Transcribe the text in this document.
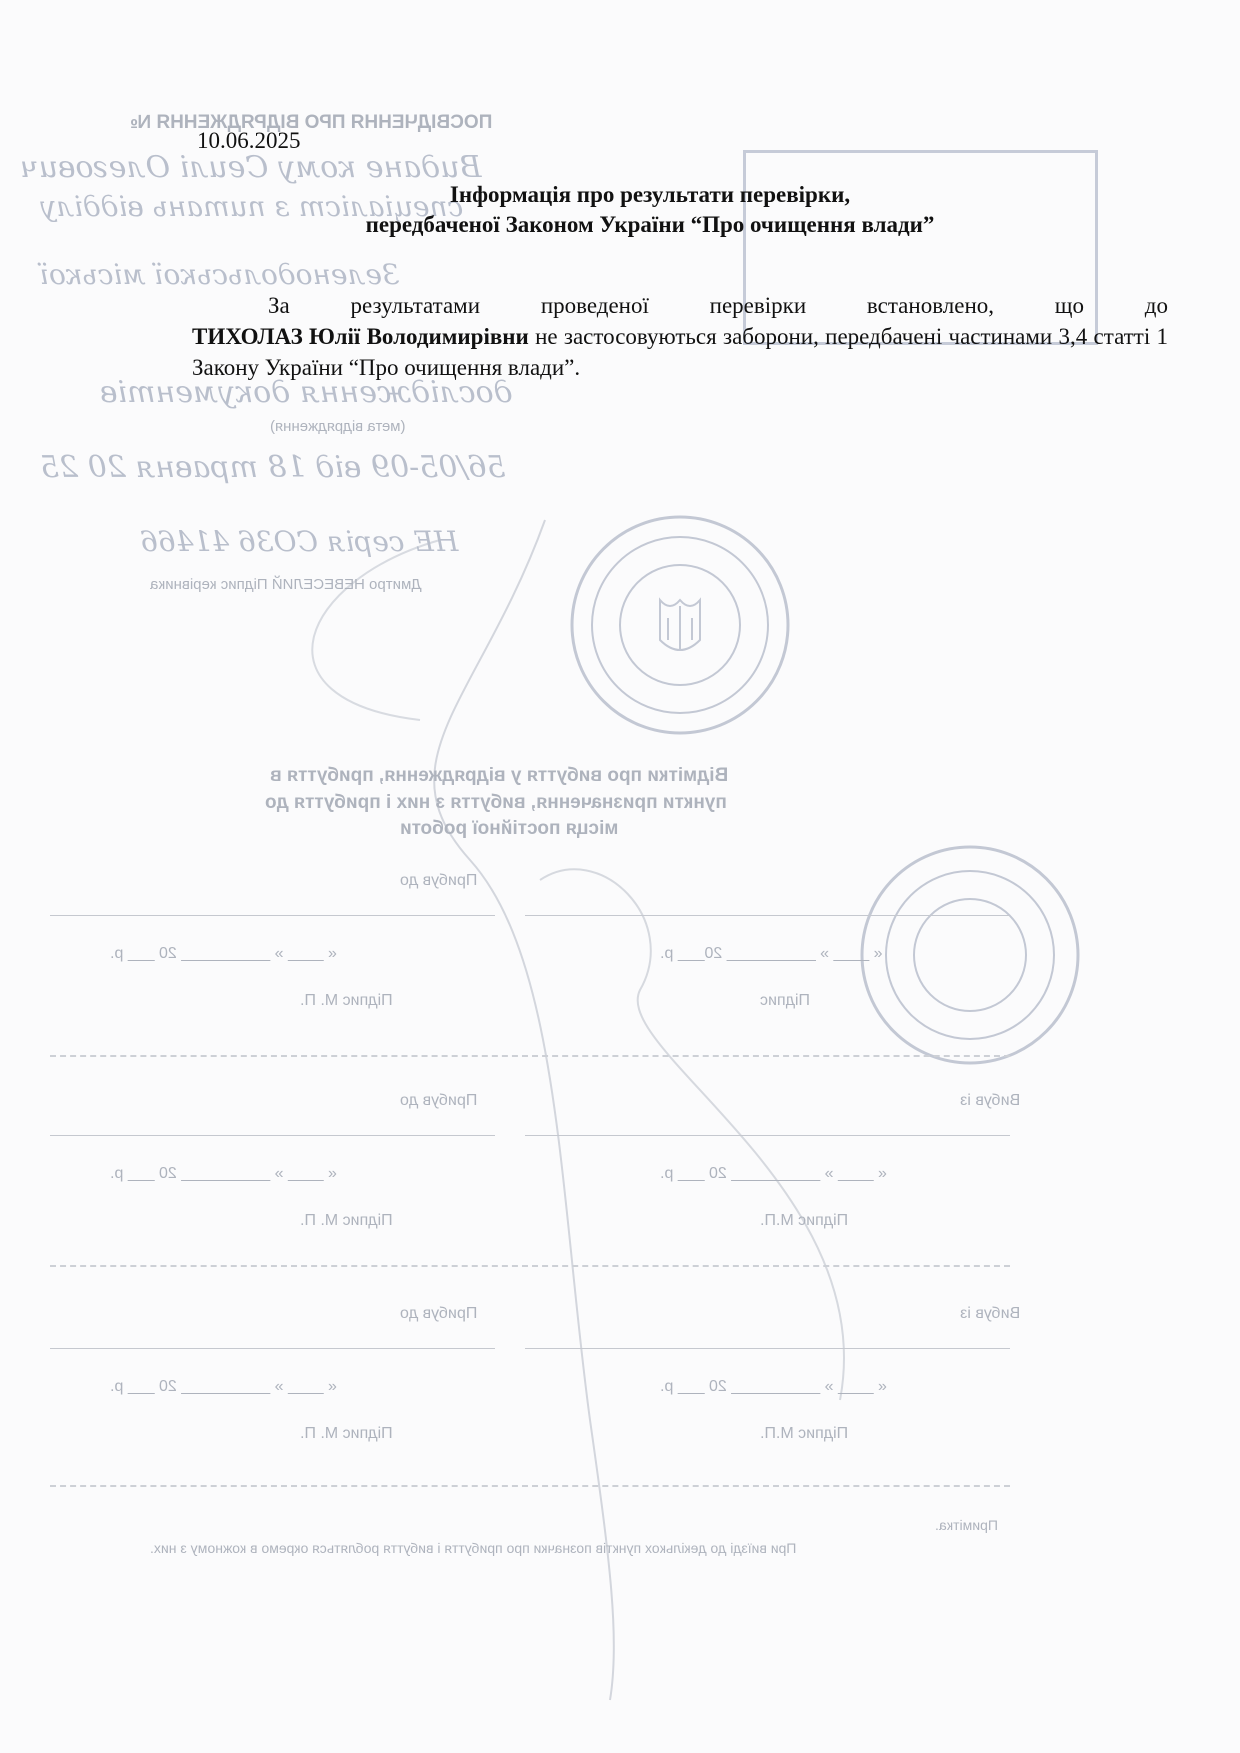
ПОСВІДЧЕННЯ ПРО ВІДРЯДЖЕННЯ №
Видане кому Сеилі Олегович
спеціаліст з питань відділу
Зеленодольської міської
дослідження документів
(мета відрядження)
56/05-09 від 18 травня 20 25
НЕ серія СО36 41466
Дмитро НЕВЕСЕЛИЙ Підпис керівника
Відмітки про вибуття у відрядження, прибуття в
пункти призначення, вибуття з них і прибуття до
місця постійної роботи
Прибув до
« ____ » __________ 20 ___ р.	« ____ » __________ 20___ р.
Підпис М. П.	Підпис
Прибув до	Вибув із
« ____ » __________ 20 ___ р.	« ____ » __________ 20 ___ р.
Підпис М. П.	Підпис М.П.
Прибув до	Вибув із
« ____ » __________ 20 ___ р.	« ____ » __________ 20 ___ р.
Підпис М. П.	Підпис М.П.
Примітка.
При виїзді до декількох пунктів позначки про прибуття і вибуття робляться окремо в кожному з них.
10.06.2025
Інформація про результати перевірки,
передбаченої Законом України “Про очищення влади”
За результатами проведеної перевірки встановлено, що до
ТИХОЛАЗ Юлії Володимирівни не застосовуються заборони, передбачені частинами 3,4 статті 1 Закону України “Про очищення влади”.
